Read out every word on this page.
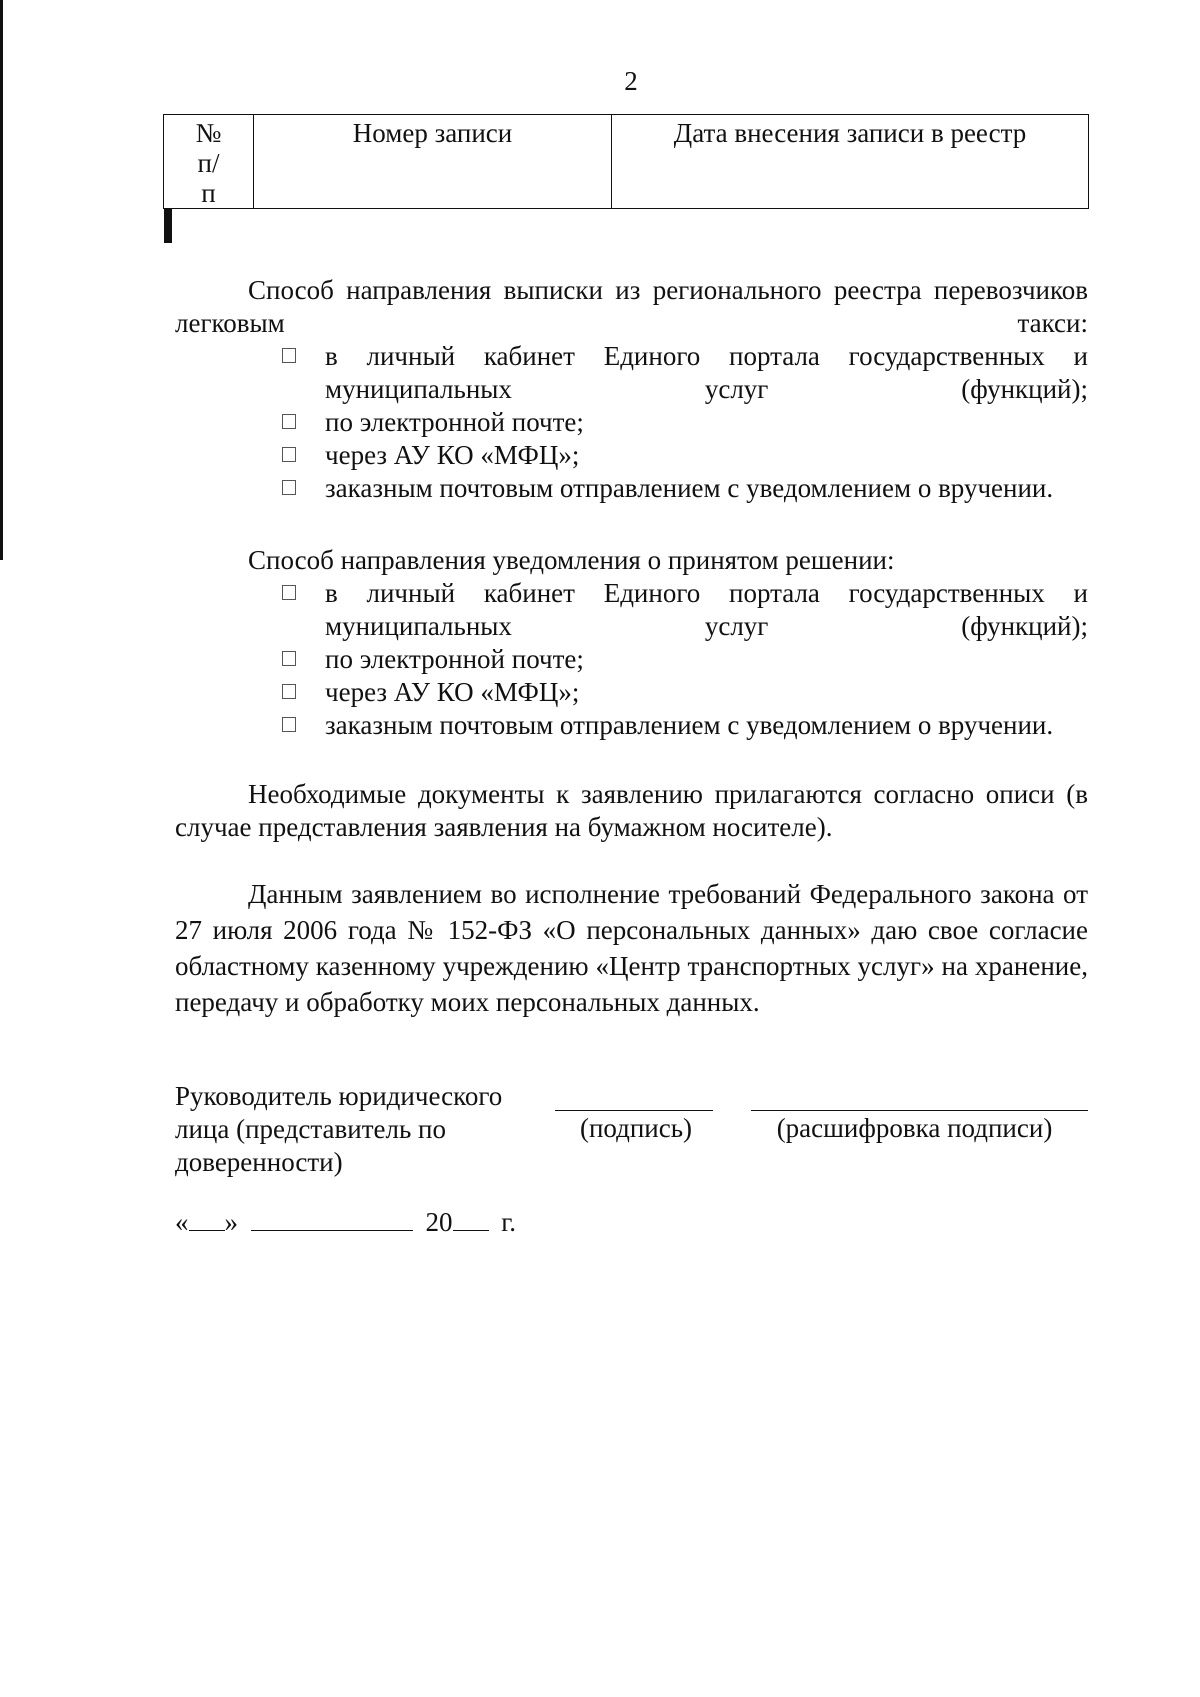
2
№ п/п	Номер записи	Дата внесения записи в реестр

Способ направления выписки из регионального реестра перевозчиков легковым такси:
в личный кабинет Единого портала государственных и муниципальных услуг (функций);
по электронной почте;
через АУ КО «МФЦ»;
заказным почтовым отправлением с уведомлением о вручении.
Способ направления уведомления о принятом решении:
в личный кабинет Единого портала государственных и муниципальных услуг (функций);
по электронной почте;
через АУ КО «МФЦ»;
заказным почтовым отправлением с уведомлением о вручении.
Необходимые документы к заявлению прилагаются согласно описи (в случае представления заявления на бумажном носителе).
Данным заявлением во исполнение требований Федерального закона от 27 июля 2006 года № 152-ФЗ «О персональных данных» даю свое согласие областному казенному учреждению «Центр транспортных услуг» на хранение, передачу и обработку моих персональных данных.
Руководитель юридического лица (представитель по доверенности)
(подпись)	(расшифровка подписи)
« »	20 г.
